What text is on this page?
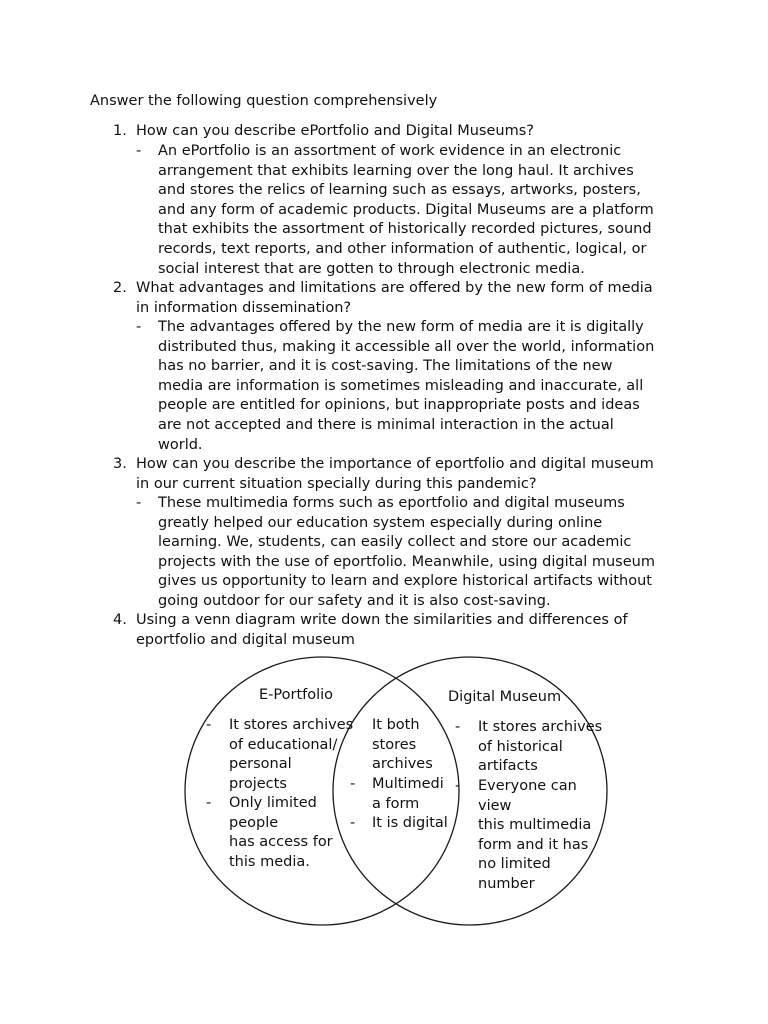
Answer the following question comprehensively
1. How can you describe ePortfolio and Digital Museums?

- An ePortfolio is an assortment of work evidence in an electronic
arrangement that exhibits learning over the long haul. It archives
and stores the relics of learning such as essays, artworks, posters,
and any form of academic products. Digital Museums are a platform
that exhibits the assortment of historically recorded pictures, sound
records, text reports, and other information of authentic, logical, or
social interest that are gotten to through electronic media.

2. What advantages and limitations are offered by the new form of media
in information dissemination?

- The advantages offered by the new form of media are it is digitally
distributed thus, making it accessible all over the world, information
has no barrier, and it is cost-saving. The limitations of the new
media are information is sometimes misleading and inaccurate, all
people are entitled for opinions, but inappropriate posts and ideas
are not accepted and there is minimal interaction in the actual
world.

3. How can you describe the importance of eportfolio and digital museum
in our current situation specially during this pandemic?

- These multimedia forms such as eportfolio and digital museums
greatly helped our education system especially during online
learning. We, students, can easily collect and store our academic
projects with the use of eportfolio. Meanwhile, using digital museum
gives us opportunity to learn and explore historical artifacts without
going outdoor for our safety and it is also cost-saving.

4. Using a venn diagram write down the similarities and differences of
eportfolio and digital museum

E-Portfolio	Digital Museum
- It stores archives
of educational/
personal
projects
- Only limited
people
has access for
this media.
It both
stores
archives
- Multimedi
a form
- It is digital
- It stores archives
of historical
artifacts
- Everyone can
view
this multimedia
form and it has
no limited
number
